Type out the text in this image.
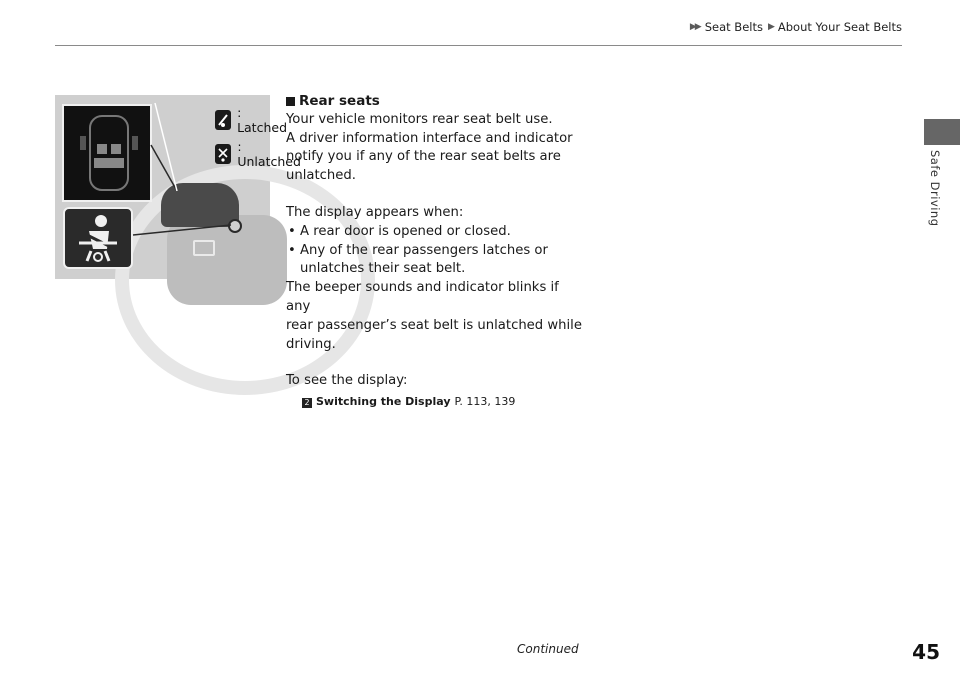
▶▶ Seat Belts ▶ About Your Seat Belts
Safe Driving
: Latched
: Unlatched
Rear seats

Your vehicle monitors rear seat belt use.

A driver information interface and indicator

notify you if any of the rear seat belts are

unlatched.

The display appears when:

• A rear door is opened or closed.
• Any of the rear passengers latches or
unlatches their seat belt.

The beeper sounds and indicator blinks if any

rear passenger’s seat belt is unlatched while

driving.

To see the display:

2 Switching the Display P. 113, 139
Continued	45
